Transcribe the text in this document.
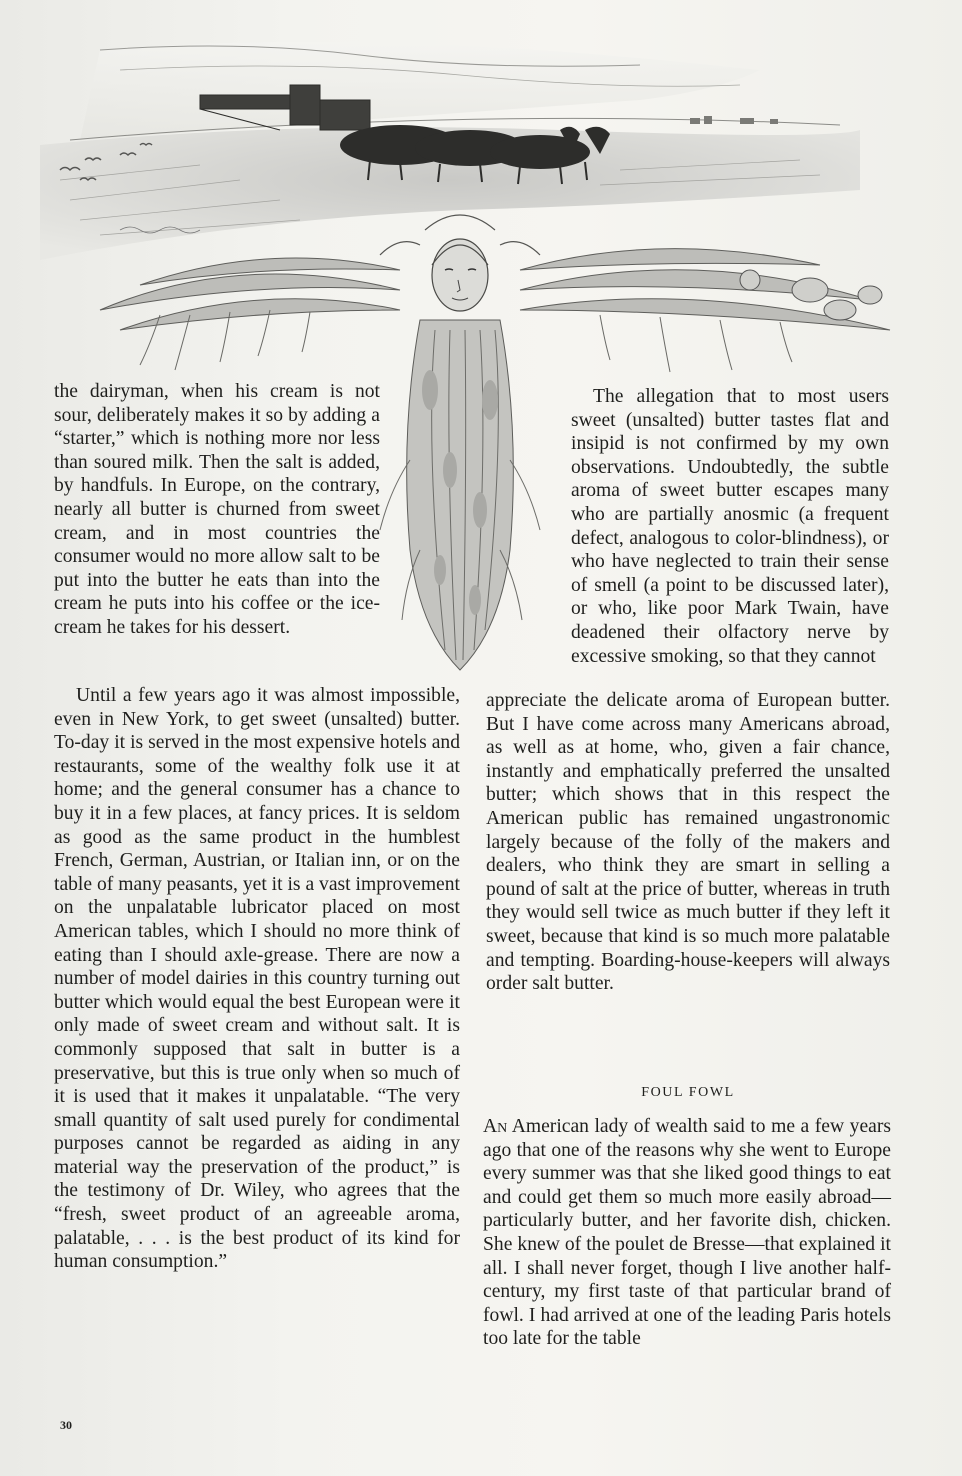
the dairyman, when his cream is not sour, deliberately makes it so by adding a “starter,” which is nothing more nor less than soured milk. Then the salt is added, by handfuls. In Europe, on the contrary, nearly all butter is churned from sweet cream, and in most countries the consumer would no more allow salt to be put into the butter he eats than into the cream he puts into his coffee or the ice-cream he takes for his dessert.

Until a few years ago it was almost impossible, even in New York, to get sweet (unsalted) butter. To-day it is served in the most expensive hotels and restaurants, some of the wealthy folk use it at home; and the general consumer has a chance to buy it in a few places, at fancy prices. It is seldom as good as the same product in the humblest French, German, Austrian, or Italian inn, or on the table of many peasants, yet it is a vast improvement on the unpalatable lubricator placed on most American tables, which I should no more think of eating than I should axle-grease. There are now a number of model dairies in this country turning out butter which would equal the best European were it only made of sweet cream and without salt. It is commonly supposed that salt in butter is a preservative, but this is true only when so much of it is used that it makes it unpalatable. “The very small quantity of salt used purely for condimental purposes cannot be regarded as aiding in any material way the preservation of the product,” is the testimony of Dr. Wiley, who agrees that the “fresh, sweet product of an agreeable aroma, palatable, . . . is the best product of its kind for human consumption.”

The allegation that to most users sweet (unsalted) butter tastes flat and insipid is not confirmed by my own observations. Undoubtedly, the subtle aroma of sweet butter escapes many who are partially anosmic (a frequent defect, analogous to color-blindness), or who have neglected to train their sense of smell (a point to be discussed later), or who, like poor Mark Twain, have deadened their olfactory nerve by excessive smoking, so that they cannot

FOUL FOWL

An American lady of wealth said to me a few years ago that one of the reasons why she went to Europe every summer was that she liked good things to eat and could get them so much more easily abroad—particularly butter, and her favorite dish, chicken. She knew of the poulet de Bresse—that explained it all. I shall never forget, though I live another half-century, my first taste of that particular brand of fowl. I had arrived at one of the leading Paris hotels too late for the table

30

appreciate the delicate aroma of European butter. But I have come across many Americans abroad, as well as at home, who, given a fair chance, instantly and emphatically preferred the unsalted butter; which shows that in this respect the American public has remained ungastronomic largely because of the folly of the makers and dealers, who think they are smart in selling a pound of salt at the price of butter, whereas in truth they would sell twice as much butter if they left it sweet, because that kind is so much more palatable and tempting. Boarding-house-keepers will always order salt butter.
